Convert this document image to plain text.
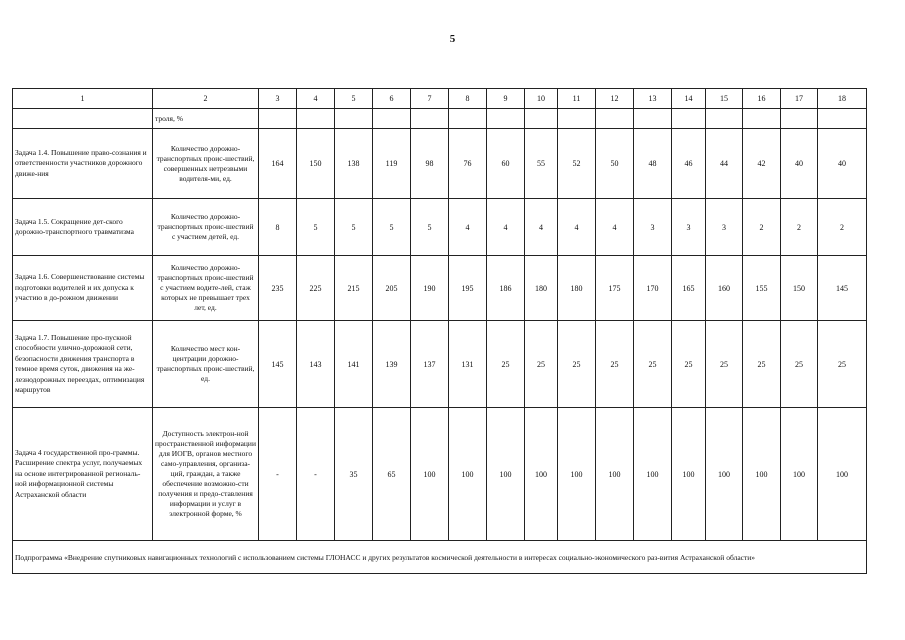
5
1	2	3	4	5	6	7	8	9	10	11	12	13	14	15	16	17	18
	троля, %																
Задача 1.4. Повышение право-сознания и ответственности участников дорожного движе-ния	Количество дорожно-транспортных проис-шествий, совершенных нетрезвыми водителя-ми, ед.	164	150	138	119	98	76	60	55	52	50	48	46	44	42	40	40
Задача 1.5. Сокращение дет-ского дорожно-транспортного травматизма	Количество дорожно-транспортных проис-шествий с участием детей, ед.	8	5	5	5	5	4	4	4	4	4	3	3	3	2	2	2
Задача 1.6. Совершенствование системы подготовки водителей и их допуска к участию в до-рожном движении	Количество дорожно-транспортных проис-шествий с участием водите-лей, стаж которых не превышает трех лет, ед.	235	225	215	205	190	195	186	180	180	175	170	165	160	155	150	145
Задача 1.7. Повышение про-пускной способности улично-дорожной сети, безопасности движения транспорта в темное время суток, движения на же-лезнодорожных переездах, оптимизация маршрутов	Количество мест кон-центрации дорожно-транспортных проис-шествий, ед.	145	143	141	139	137	131	25	25	25	25	25	25	25	25	25	25
Задача 4 государственной про-граммы. Расширение спектра услуг, получаемых на основе интегрированной региональ-ной информационной системы Астраханской области	Доступность электрон-ной пространственной информации для ИОГВ, органов местного само-управления, организа-ций, граждан, а также обеспечение возможно-сти получения и предо-ставления информации и услуг в электронной форме, %	-	-	35	65	100	100	100	100	100	100	100	100	100	100	100	100
Подпрограмма «Внедрение спутниковых навигационных технологий с использованием системы ГЛОНАСС и других результатов космической деятельности в интересах социально-экономического раз-вития Астраханской области»																	
